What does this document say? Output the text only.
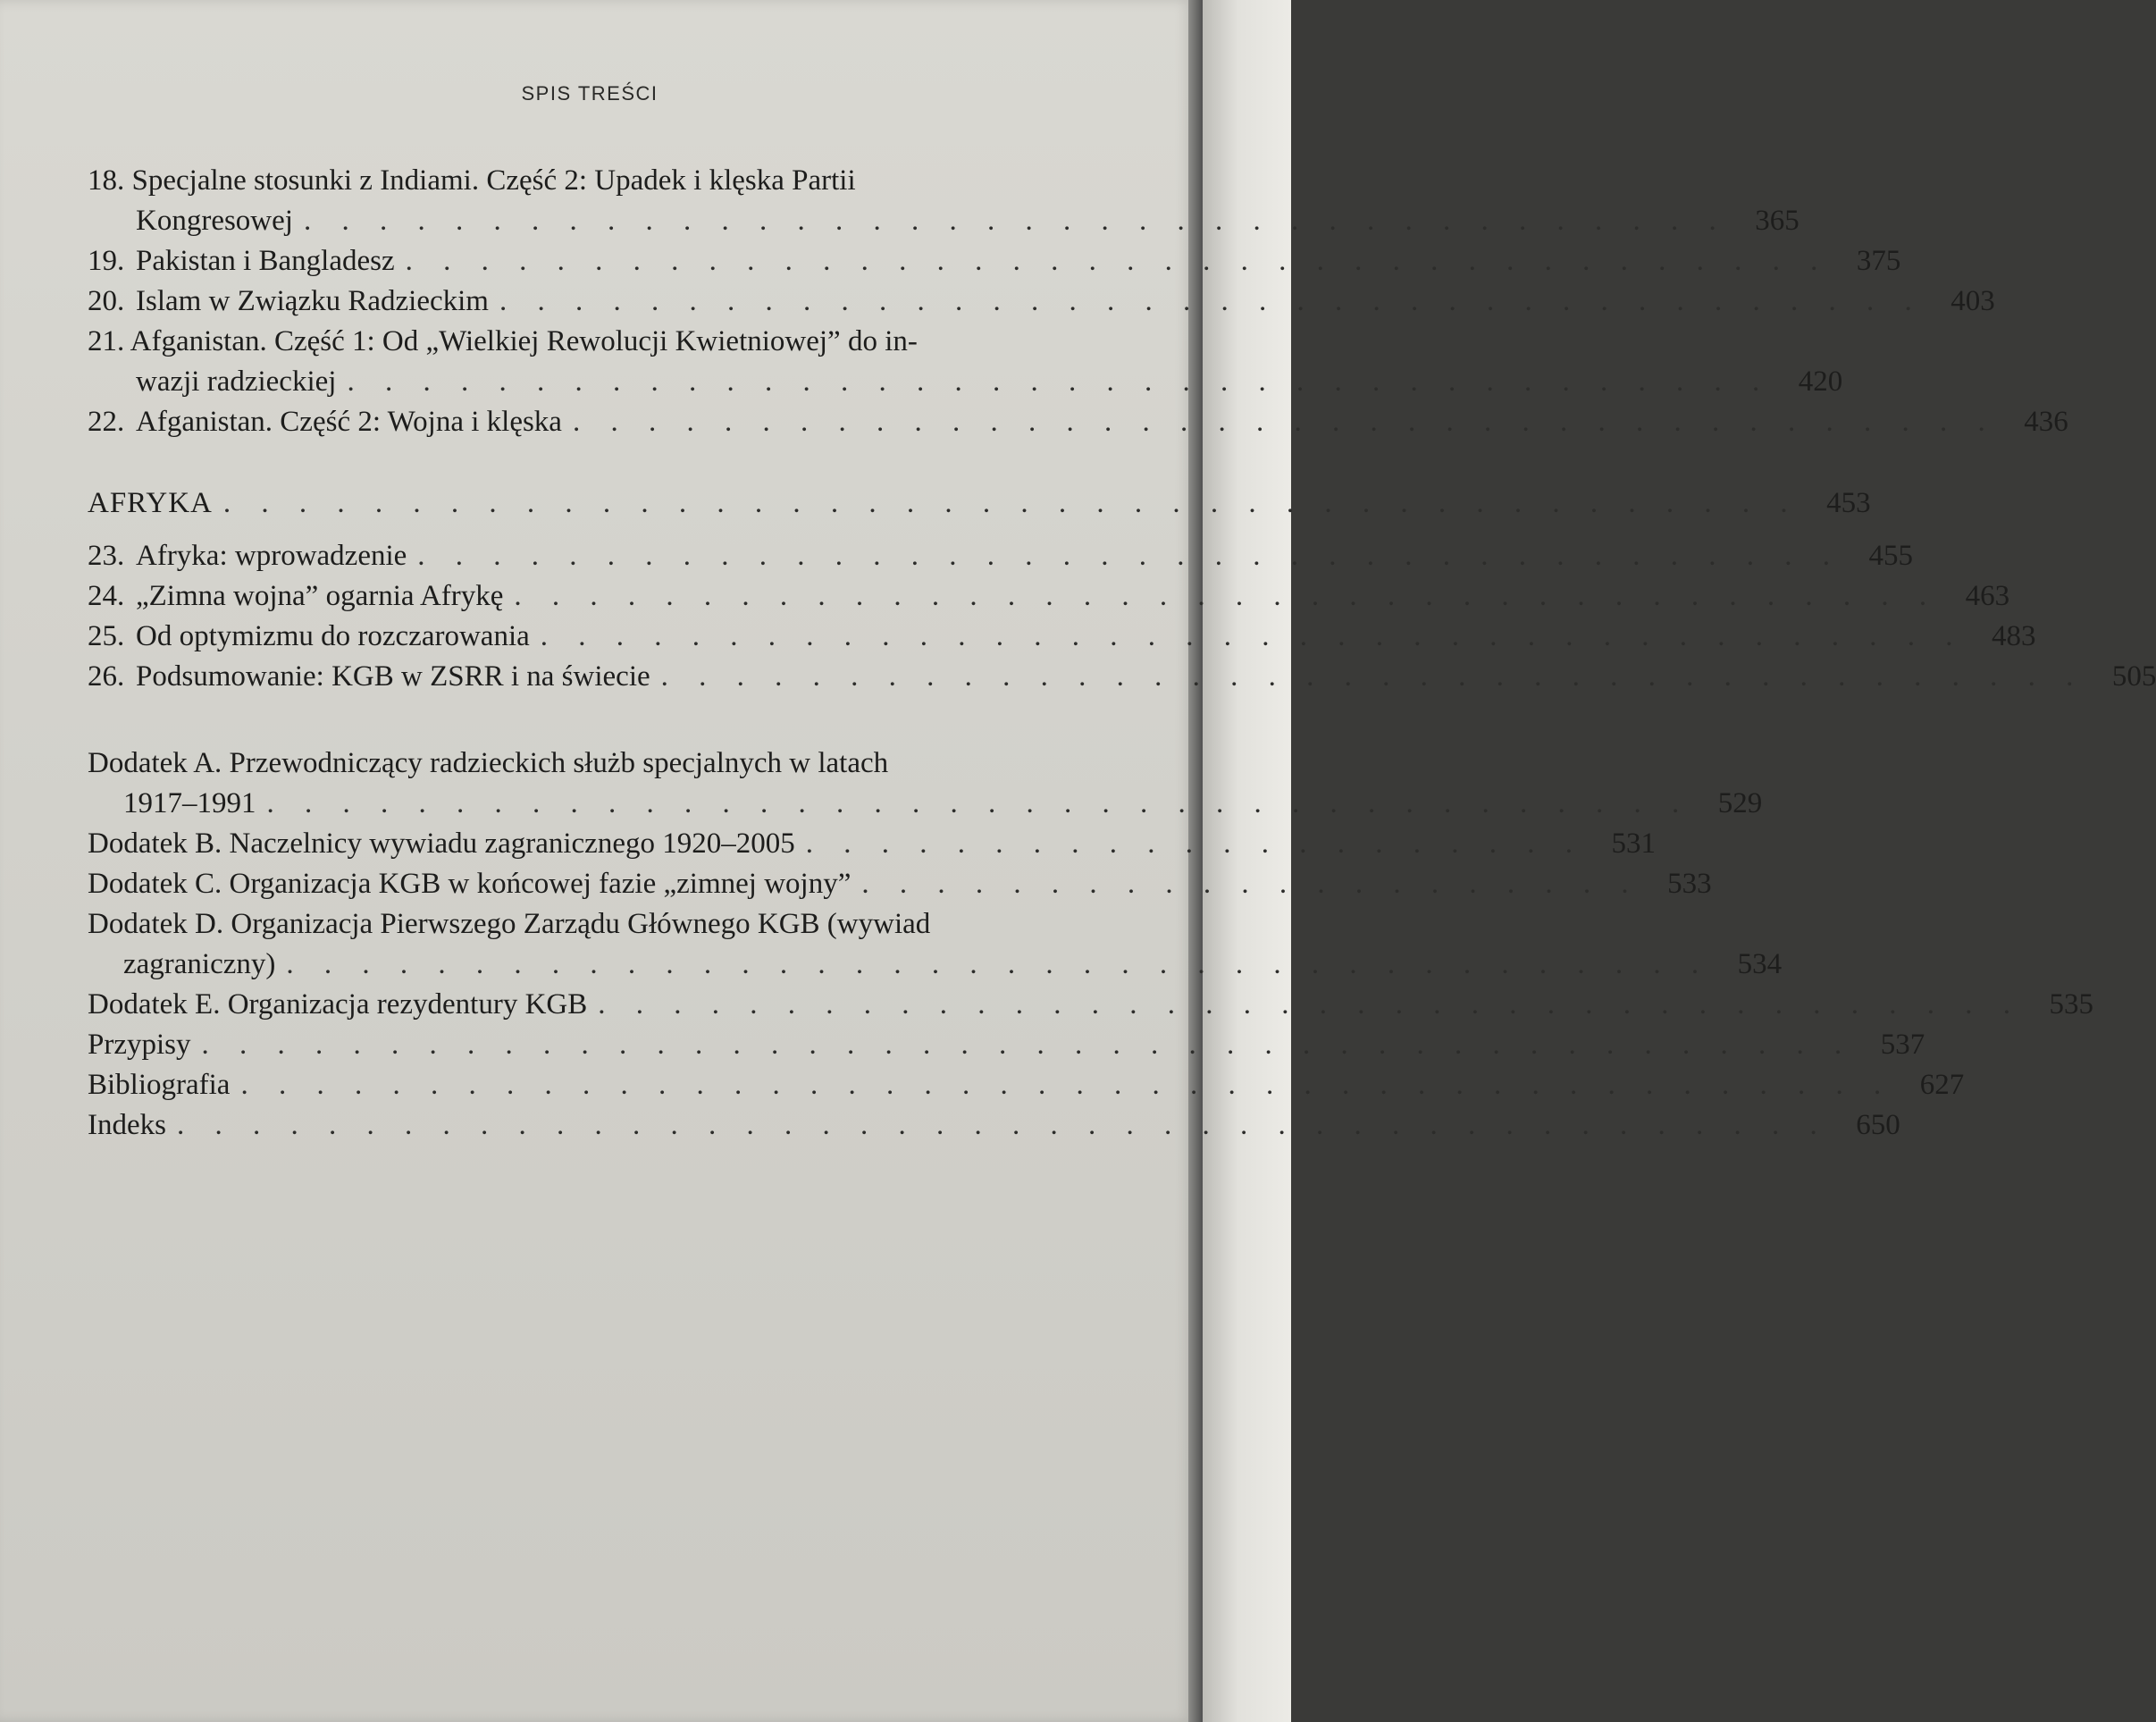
SPIS TREŚCI
18. Specjalne stosunki z Indiami. Część 2: Upadek i klęska Partii
Kongresowej . . . . . . . . . . . . . . . . . . . . . . . . . . . . . . . . . . . . . . 365
19. Pakistan i Bangladesz . . . . . . . . . . . . . . . . . . . . . . . . . . . . . . . . . . . . . . 375
20. Islam w Związku Radzieckim . . . . . . . . . . . . . . . . . . . . . . . . . . . . . . . . . . . . . . 403
21. Afganistan. Część 1: Od „Wielkiej Rewolucji Kwietniowej” do in-
wazji radzieckiej . . . . . . . . . . . . . . . . . . . . . . . . . . . . . . . . . . . . . . 420
22. Afganistan. Część 2: Wojna i klęska . . . . . . . . . . . . . . . . . . . . . . . . . . . . . . . . . . . . . . 436
AFRYKA . . . . . . . . . . . . . . . . . . . . . . . . . . . . . . . . . . . . . . . . . . 453
23. Afryka: wprowadzenie . . . . . . . . . . . . . . . . . . . . . . . . . . . . . . . . . . . . . . 455
24. „Zimna wojna” ogarnia Afrykę . . . . . . . . . . . . . . . . . . . . . . . . . . . . . . . . . . . . . . 463
25. Od optymizmu do rozczarowania . . . . . . . . . . . . . . . . . . . . . . . . . . . . . . . . . . . . . . 483
26. Podsumowanie: KGB w ZSRR i na świecie . . . . . . . . . . . . . . . . . . . . . . . . . . . . . . . . . . . . . . 505
Dodatek A. Przewodniczący radzieckich służb specjalnych w latach
1917–1991 . . . . . . . . . . . . . . . . . . . . . . . . . . . . . . . . . . . . . . 529
Dodatek B. Naczelnicy wywiadu zagranicznego 1920–2005 . . . . . . . . . . . . . . . . . . . . . 531
Dodatek C. Organizacja KGB w końcowej fazie „zimnej wojny” . . . . . . . . . . . . . . . . . . . . . 533
Dodatek D. Organizacja Pierwszego Zarządu Głównego KGB (wywiad
zagraniczny) . . . . . . . . . . . . . . . . . . . . . . . . . . . . . . . . . . . . . . 534
Dodatek E. Organizacja rezydentury KGB . . . . . . . . . . . . . . . . . . . . . . . . . . . . . . . . . . . . . . 535
Przypisy . . . . . . . . . . . . . . . . . . . . . . . . . . . . . . . . . . . . . . . . . . . . 537
Bibliografia . . . . . . . . . . . . . . . . . . . . . . . . . . . . . . . . . . . . . . . . . . . . 627
Indeks . . . . . . . . . . . . . . . . . . . . . . . . . . . . . . . . . . . . . . . . . . . . 650
